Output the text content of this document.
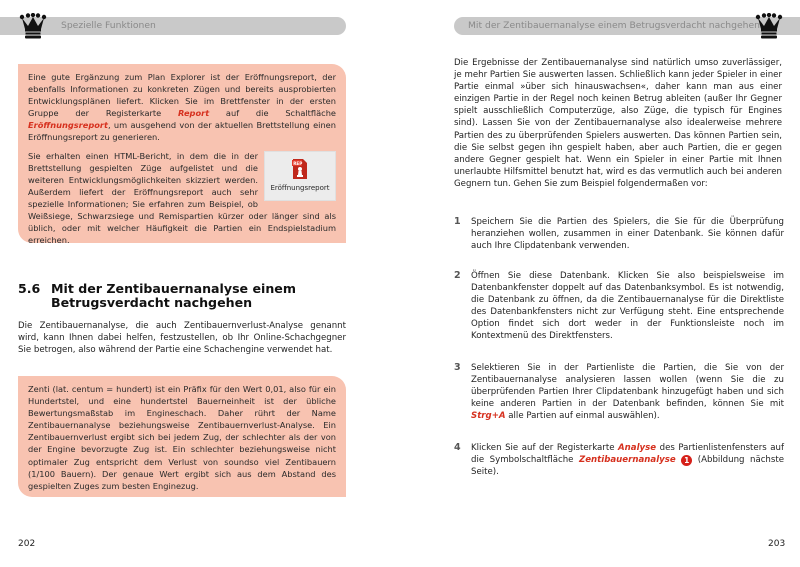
Spezielle Funktionen

Eine gute Ergänzung zum Plan Explorer ist der Eröffnungsreport, der ebenfalls Informationen zu konkreten Zügen und bereits ausprobierten Entwicklungsplänen liefert. Klicken Sie im Brettfenster in der ersten Gruppe der Registerkarte Report auf die Schaltfläche Eröffnungsreport, um ausgehend von der aktuellen Brettstellung einen Eröffnungsreport zu generieren.

REP
Eröffnungsreport
Sie erhalten einen HTML-Bericht, in dem die in der Brettstellung gespielten Züge aufgelistet und die weiteren Entwicklungsmöglichkeiten skizziert werden. Außerdem liefert der Eröffnungsreport auch sehr spezielle Informationen; Sie erfahren zum Beispiel, ob Weißsiege, Schwarzsiege und Remispartien kürzer oder länger sind als üblich, oder mit welcher Häufigkeit die Partien ein Endspielstadium erreichen.

5.6 Mit der Zentibauernanalyse einem Betrugsverdacht nachgehen
Die Zentibauernanalyse, die auch Zentibauernverlust-Analyse genannt wird, kann Ihnen dabei helfen, festzustellen, ob Ihr Online-Schachgegner Sie betrogen, also während der Partie eine Schachengine verwendet hat.

Zenti (lat. centum = hundert) ist ein Präfix für den Wert 0,01, also für ein Hundertstel, und eine hundertstel Bauerneinheit ist der übliche Bewertungsmaßstab im Engineschach. Daher rührt der Name Zentibauernanalyse beziehungsweise Zentibauernverlust-Analyse. Ein Zentibauernverlust ergibt sich bei jedem Zug, der schlechter als der von der Engine bevorzugte Zug ist. Ein schlechter beziehungsweise nicht optimaler Zug entspricht dem Verlust von soundso viel Zentibauern (1/100 Bauern). Der genaue Wert ergibt sich aus dem Abstand des gespielten Zuges zum besten Enginezug.

202
Mit der Zentibauernanalyse einem Betrugsverdacht nachgehen
203
Die Ergebnisse der Zentibauernanalyse sind natürlich umso zuverlässiger, je mehr Partien Sie auswerten lassen. Schließlich kann jeder Spieler in einer Partie einmal »über sich hinauswachsen«, daher kann man aus einer einzigen Partie in der Regel noch keinen Betrug ableiten (außer Ihr Gegner spielt ausschließlich Computerzüge, also Züge, die typisch für Engines sind). Lassen Sie von der Zentibauernanalyse also idealerweise mehrere Partien des zu überprüfenden Spielers auswerten. Das können Partien sein, die Sie selbst gegen ihn gespielt haben, aber auch Partien, die er gegen andere Gegner gespielt hat. Wenn ein Spieler in einer Partie mit Ihnen unerlaubte Hilfsmittel benutzt hat, wird es das vermutlich auch bei anderen Gegnern tun. Gehen Sie zum Beispiel folgendermaßen vor:
1 Speichern Sie die Partien des Spielers, die Sie für die Überprüfung heranziehen wollen, zusammen in einer Datenbank. Sie können dafür auch Ihre Clipdatenbank verwenden.
2 Öffnen Sie diese Datenbank. Klicken Sie also beispielsweise im Datenbankfenster doppelt auf das Datenbanksymbol. Es ist notwendig, die Datenbank zu öffnen, da die Zentibauernanalyse für die Direktliste des Datenbankfensters nicht zur Verfügung steht. Eine entsprechende Option findet sich dort weder in der Funktionsleiste noch im Kontextmenü des Direktfensters.
3 Selektieren Sie in der Partienliste die Partien, die Sie von der Zentibauernanalyse analysieren lassen wollen (wenn Sie die zu überprüfenden Partien Ihrer Clipdatenbank hinzugefügt haben und sich keine anderen Partien in der Datenbank befinden, können Sie mit Strg+A alle Partien auf einmal auswählen).
4 Klicken Sie auf der Registerkarte Analyse des Partienlistenfensters auf die Symbolschaltfläche Zentibauernanalyse 1 (Abbildung nächste Seite).
